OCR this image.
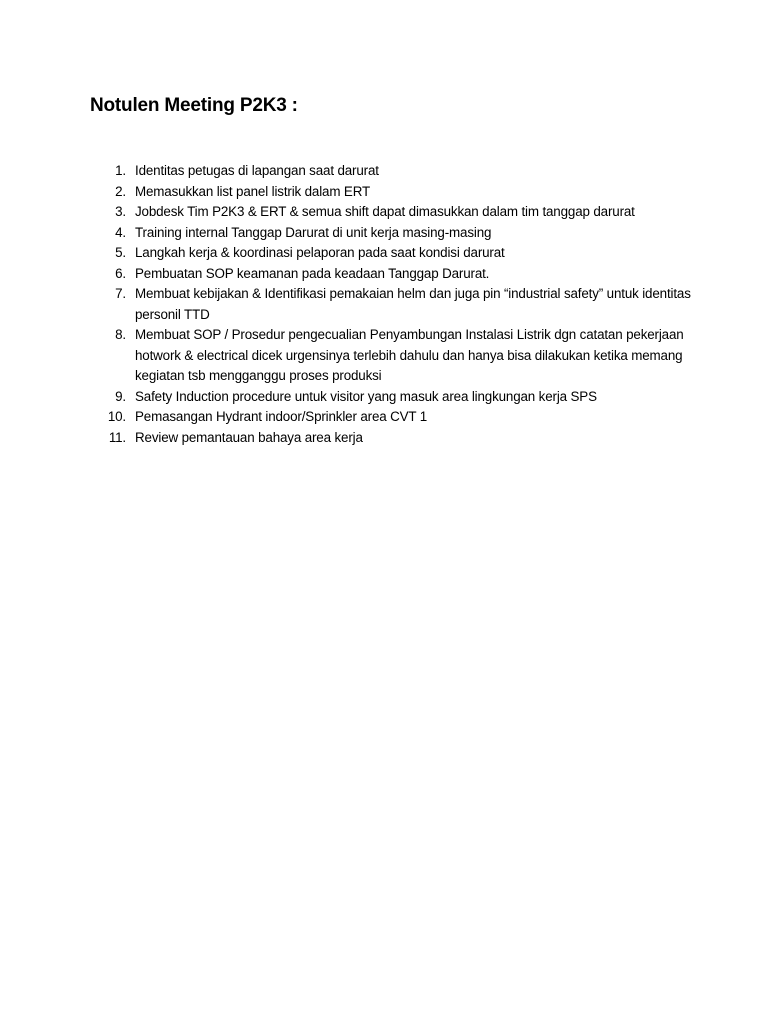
Notulen Meeting P2K3 :
1. Identitas petugas di lapangan saat darurat
2. Memasukkan list panel listrik dalam ERT
3. Jobdesk Tim P2K3 & ERT & semua shift dapat dimasukkan dalam tim tanggap darurat
4. Training internal Tanggap Darurat di unit kerja masing-masing
5. Langkah kerja & koordinasi pelaporan pada saat kondisi darurat
6. Pembuatan SOP keamanan pada keadaan Tanggap Darurat.
7. Membuat kebijakan & Identifikasi pemakaian helm dan juga pin “industrial safety” untuk identitas personil TTD
8. Membuat SOP / Prosedur pengecualian Penyambungan Instalasi Listrik dgn catatan pekerjaan hotwork & electrical dicek urgensinya terlebih dahulu dan hanya bisa dilakukan ketika memang kegiatan tsb mengganggu proses produksi
9. Safety Induction procedure untuk visitor yang masuk area lingkungan kerja SPS
10. Pemasangan Hydrant indoor/Sprinkler area CVT 1
11. Review pemantauan bahaya area kerja
